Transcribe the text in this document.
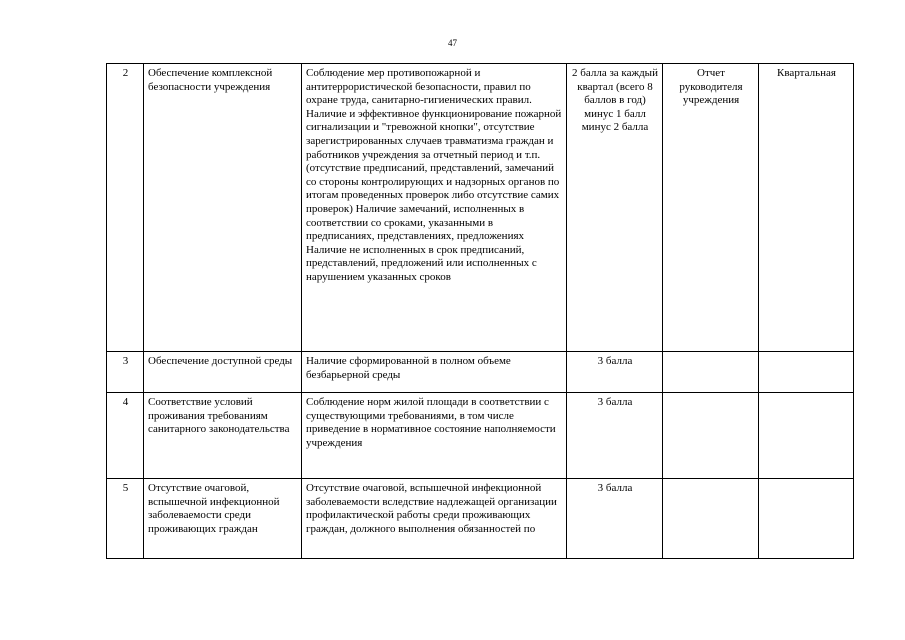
47
2	Обеспечение комплексной безопасности учреждения	Соблюдение мер противопожарной и антитеррористической безопасности, правил по охране труда, санитарно-гигиенических правил. Наличие и эффективное функционирование пожарной сигнализации и "тревожной кнопки", отсутствие зарегистрированных случаев травматизма граждан и работников учреждения за отчетный период и т.п. (отсутствие предписаний, представлений, замечаний со стороны контролирующих и надзорных органов по итогам проведенных проверок либо отсутствие самих проверок) Наличие замечаний, исполненных в соответствии со сроками, указанными в предписаниях, представлениях, предложениях Наличие не исполненных в срок предписаний, представлений, предложений или исполненных с нарушением указанных сроков	2 балла за каждый квартал (всего 8 баллов в год) минус 1 балл минус 2 балла	Отчет руководителя учреждения	Квартальная
3	Обеспечение доступной среды	Наличие сформированной в полном объеме безбарьерной среды	3 балла		
4	Соответствие условий проживания требованиям санитарного законодательства	Соблюдение норм жилой площади в соответствии с существующими требованиями, в том числе приведение в нормативное состояние наполняемости учреждения	3 балла		
5	Отсутствие очаговой, вспышечной инфекционной заболеваемости среди проживающих граждан	Отсутствие очаговой, вспышечной инфекционной заболеваемости вследствие надлежащей организации профилактической работы среди проживающих граждан, должного выполнения обязанностей по	3 балла		
